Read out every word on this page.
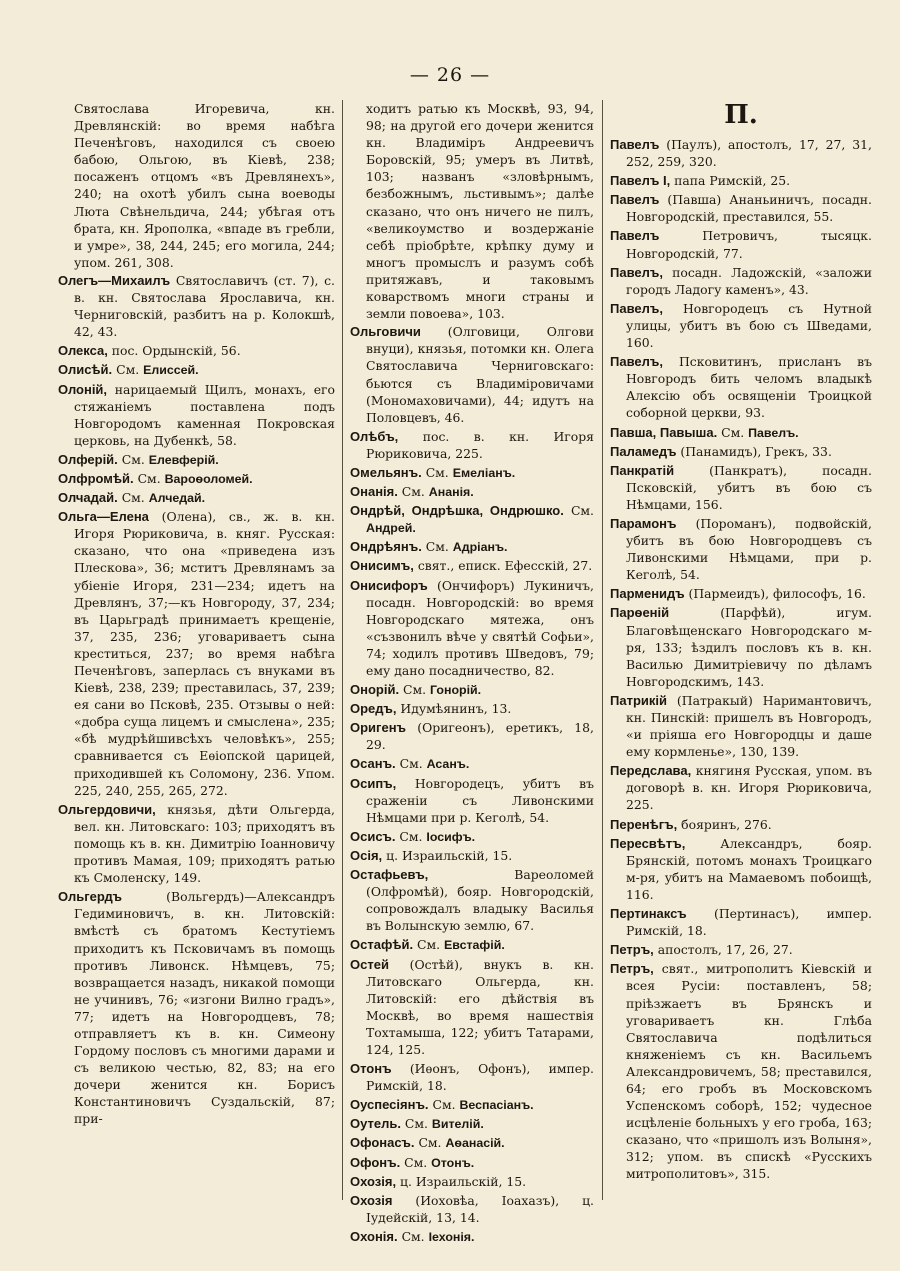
— 26 —
Святослава Игоревича, кн. Древлянскій: во время набѣга Печенѣговъ, находился съ своею бабою, Ольгою, въ Кіевѣ, 238; посаженъ отцомъ «въ Древлянехъ», 240; на охотѣ убилъ сына воеводы Люта Свѣнельдича, 244; убѣгая отъ брата, кн. Ярополка, «впаде въ гребли, и умре», 38, 244, 245; его могила, 244; упом. 261, 308.
Олегъ—Михаилъ Святославичъ (ст. 7), с. в. кн. Святослава Ярославича, кн. Черниговскій, разбитъ на р. Колокшѣ, 42, 43.
Олекса, пос. Ордынскій, 56.
Олисѣй. См. Елиссей.
Олоній, нарицаемый Щилъ, монахъ, его стяжаніемъ поставлена подъ Новгородомъ каменная Покровская церковь, на Дубенкѣ, 58.
Олферій. См. Елевферій.
Олфромѣй. См. Вароѳоломей.
Олчадай. См. Алчедай.
Ольга—Елена (Олена), св., ж. в. кн. Игоря Рюриковича, в. княг. Русская: сказано, что она «приведена изъ Плескова», 36; мститъ Древлянамъ за убіеніе Игоря, 231—234; идетъ на Древлянъ, 37;—къ Новгороду, 37, 234; въ Царьградѣ принимаетъ крещеніе, 37, 235, 236; уговариваетъ сына креститься, 237; во время набѣга Печенѣговъ, заперлась съ внуками въ Кіевѣ, 238, 239; преставилась, 37, 239; ея сани во Псковѣ, 235. Отзывы о ней: «добра суща лицемъ и смыслена», 235; «бѣ мудрѣйшивсѣхъ человѣкъ», 255; сравнивается съ Еѳіопской царицей, приходившей къ Соломону, 236. Упом. 225, 240, 255, 265, 272.
Ольгердовичи, князья, дѣти Ольгерда, вел. кн. Литовскаго: 103; приходятъ въ помощь къ в. кн. Димитрію Іоанновичу противъ Мамая, 109; приходятъ ратью къ Смоленску, 149.
Ольгердъ (Вольгердъ)—Александръ Гедиминовичъ, в. кн. Литовскій: вмѣстѣ съ братомъ Кестутіемъ приходитъ къ Псковичамъ въ помощь противъ Ливонск. Нѣмцевъ, 75; возвращается назадъ, никакой помощи не учинивъ, 76; «изгони Вилно градъ», 77; идетъ на Новгородцевъ, 78; отправляетъ къ в. кн. Симеону Гордому пословъ съ многими дарами и съ великою честью, 82, 83; на его дочери женится кн. Борисъ Константиновичъ Суздальскій, 87; при-
ходитъ ратью къ Москвѣ, 93, 94, 98; на другой его дочери женится кн. Владиміръ Андреевичъ Боровскій, 95; умеръ въ Литвѣ, 103; названъ «зловѣрнымъ, безбожнымъ, льстивымъ»; далѣе сказано, что онъ ничего не пилъ, «великоумство и воздержаніе себѣ пріобрѣте, крѣпку думу и многъ промыслъ и разумъ собѣ притяжавъ, и таковымъ коварствомъ многи страны и земли повоева», 103.
Ольговичи (Олговици, Олгови внуци), князья, потомки кн. Олега Святославича Черниговскаго: бьются съ Владиміровичами (Мономаховичами), 44; идутъ на Половцевъ, 46.
Олѣбъ, пос. в. кн. Игоря Рюриковича, 225.
Омельянъ. См. Емеліанъ.
Онанія. См. Ананія.
Ондрѣй, Ондрѣшка, Ондрюшко. См. Андрей.
Ондрѣянъ. См. Адріанъ.
Онисимъ, свят., еписк. Ефесскій, 27.
Онисифоръ (Ончифоръ) Лукиничъ, посадн. Новгородскій: во время Новгородскаго мятежа, онъ «съзвонилъ вѣче у святѣй Софьи», 74; ходилъ противъ Шведовъ, 79; ему дано посадничество, 82.
Онорій. См. Гонорій.
Оредъ, Идумѣянинъ, 13.
Оригенъ (Оригеонъ), еретикъ, 18, 29.
Осанъ. См. Асанъ.
Осипъ, Новгородецъ, убитъ въ сраженіи съ Ливонскими Нѣмцами при р. Кеголѣ, 54.
Осисъ. См. Іосифъ.
Осія, ц. Израильскій, 15.
Остафьевъ, Вареоломей (Олфромѣй), бояр. Новгородскій, сопровождалъ владыку Василья въ Волынскую землю, 67.
Остафѣй. См. Евстафій.
Остей (Остѣй), внукъ в. кн. Литовскаго Ольгерда, кн. Литовскій: его дѣйствія въ Москвѣ, во время нашествія Тохтамыша, 122; убитъ Татарами, 124, 125.
Отонъ (Иѳонъ, Офонъ), импер. Римскій, 18.
Оуспесіянъ. См. Веспасіанъ.
Оутель. См. Вителій.
Офонасъ. См. Аѳанасій.
Офонъ. См. Отонъ.
Охозія, ц. Израильскій, 15.
Охозія (Иоховѣа, Іоахазъ), ц. Іудейскій, 13, 14.
Охонія. См. Іехонія.
П.
Павелъ (Паулъ), апостолъ, 17, 27, 31, 252, 259, 320.
Павелъ I, папа Римскій, 25.
Павелъ (Павша) Ананьиничъ, посадн. Новгородскій, преставился, 55.
Павелъ Петровичъ, тысяцк. Новгородскій, 77.
Павелъ, посадн. Ладожскій, «заложи городъ Ладогу каменъ», 43.
Павелъ, Новгородецъ съ Нутной улицы, убитъ въ бою съ Шведами, 160.
Павелъ, Псковитинъ, присланъ въ Новгородъ бить челомъ владыкѣ Алексію объ освященіи Троицкой соборной церкви, 93.
Павша, Павыша. См. Павелъ.
Паламедъ (Панамидъ), Грекъ, 33.
Панкратій (Панкратъ), посадн. Псковскій, убитъ въ бою съ Нѣмцами, 156.
Парамонъ (Пороманъ), подвойскій, убитъ въ бою Новгородцевъ съ Ливонскими Нѣмцами, при р. Кеголѣ, 54.
Парменидъ (Пармеидъ), философъ, 16.
Парѳеній (Парфѣй), игум. Благовѣщенскаго Новгородскаго м-ря, 133; ѣздилъ пословъ къ в. кн. Василью Димитріевичу по дѣламъ Новгородскимъ, 143.
Патрикій (Патракый) Наримантовичъ, кн. Пинскій: пришелъ въ Новгородъ, «и пріяша его Новгородцы и даше ему кормленье», 130, 139.
Передслава, княгиня Русская, упом. въ договорѣ в. кн. Игоря Рюриковича, 225.
Перенѣгъ, бояринъ, 276.
Пересвѣтъ, Александръ, бояр. Брянскій, потомъ монахъ Троицкаго м-ря, убитъ на Мамаевомъ побоищѣ, 116.
Пертинаксъ (Пертинасъ), импер. Римскій, 18.
Петръ, апостолъ, 17, 26, 27.
Петръ, свят., митрополитъ Кіевскій и всея Русіи: поставленъ, 58; пріѣзжаетъ въ Брянскъ и уговариваетъ кн. Глѣба Святославича подѣлиться княженіемъ съ кн. Васильемъ Александровичемъ, 58; преставился, 64; его гробъ въ Московскомъ Успенскомъ соборѣ, 152; чудесное исцѣленіе больныхъ у его гроба, 163; сказано, что «пришолъ изъ Волыня», 312; упом. въ спискѣ «Русскихъ митрополитовъ», 315.
